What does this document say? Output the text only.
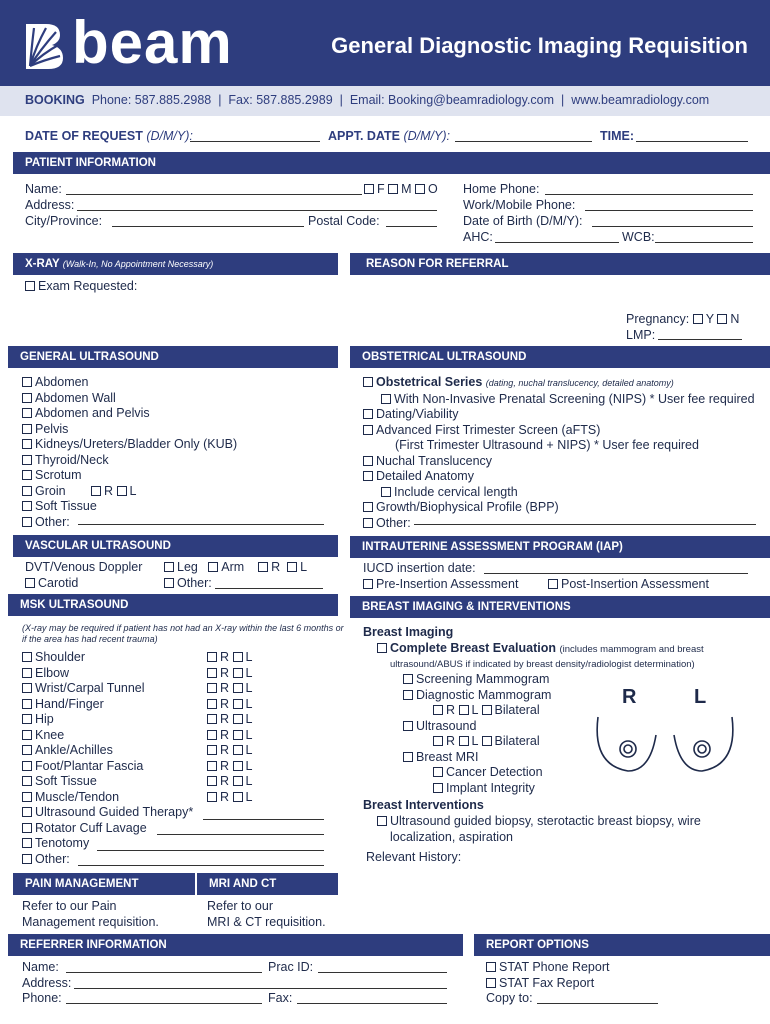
beam	General Diagnostic Imaging Requisition
BOOKING Phone: 587.885.2988 | Fax: 587.885.2989 | Email: Booking@beamradiology.com | www.beamradiology.com
DATE OF REQUEST (D/M/Y):	APPT. DATE (D/M/Y):	TIME:
PATIENT INFORMATION
Name:	F M O
Address:
City/Province:	Postal Code:
Home Phone:
Work/Mobile Phone:
Date of Birth (D/M/Y):
AHC:	WCB:
X-RAY (Walk-In, No Appointment Necessary)	REASON FOR REFERRAL
Exam Requested:
Pregnancy: Y N
LMP:
GENERAL ULTRASOUND	OBSTETRICAL ULTRASOUND
Abdomen
Abdomen Wall
Abdomen and Pelvis
Pelvis
Kidneys/Ureters/Bladder Only (KUB)
Thyroid/Neck
Scrotum
Groin	R L
Soft Tissue
Other:
Obstetrical Series (dating, nuchal translucency, detailed anatomy)
With Non-Invasive Prenatal Screening (NIPS) * User fee required
Dating/Viability
Advanced First Trimester Screen (aFTS)
(First Trimester Ultrasound + NIPS) * User fee required
Nuchal Translucency
Detailed Anatomy
Include cervical length
Growth/Biophysical Profile (BPP)
Other:
VASCULAR ULTRASOUND	INTRAUTERINE ASSESSMENT PROGRAM (IAP)
DVT/Venous Doppler	Leg Arm R L
Carotid	Other:
IUCD insertion date:
Pre-Insertion Assessment	Post-Insertion Assessment
MSK ULTRASOUND	BREAST IMAGING & INTERVENTIONS
(X-ray may be required if patient has not had an X-ray within the last 6 months or
if the area has had recent trauma)
Shoulder	R L
Elbow	R L
Wrist/Carpal Tunnel	R L
Hand/Finger	R L
Hip	R L
Knee	R L
Ankle/Achilles	R L
Foot/Plantar Fascia	R L
Soft Tissue	R L
Muscle/Tendon	R L
Ultrasound Guided Therapy*
Rotator Cuff Lavage
Tenotomy
Other:
Breast Imaging
Complete Breast Evaluation (includes mammogram and breast
ultrasound/ABUS if indicated by breast density/radiologist determination)
Screening Mammogram
Diagnostic Mammogram
R L Bilateral
Ultrasound
R L Bilateral
Breast MRI
Cancer Detection
Implant Integrity
R	L
Breast Interventions
Ultrasound guided biopsy, sterotactic breast biopsy, wire
localization, aspiration
Relevant History:
PAIN MANAGEMENT	MRI AND CT
Refer to our Pain
Management requisition.
Refer to our
MRI & CT requisition.
REFERRER INFORMATION	REPORT OPTIONS
Name:	Prac ID:
Address:
Phone:	Fax:
STAT Phone Report
STAT Fax Report
Copy to:
